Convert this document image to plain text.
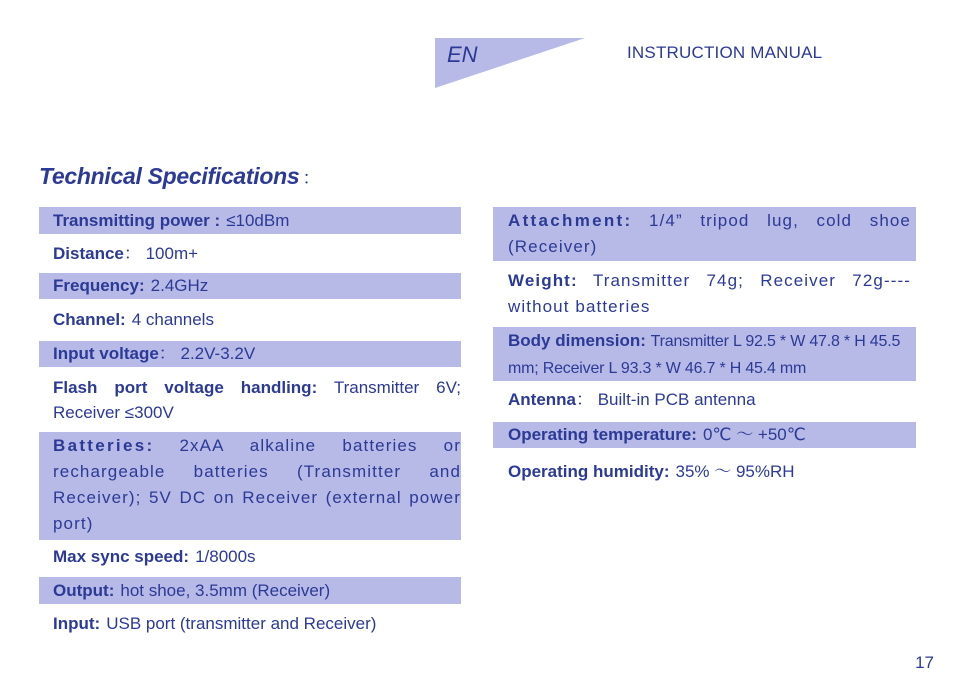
EN	INSTRUCTION MANUAL
Technical Specifications ：
Transmitting power : ≤10dBm
Distance： 100m+
Frequency: 2.4GHz
Channel: 4 channels
Input voltage： 2.2V-3.2V
Flash port voltage handling: Transmitter 6V; Receiver ≤300V
Batteries: 2xAA alkaline batteries or rechargeable batteries (Transmitter and Receiver); 5V DC on Receiver (external power port)
Max sync speed: 1/8000s
Output: hot shoe, 3.5mm (Receiver)
Input: USB port (transmitter and Receiver)
Attachment: 1/4” tripod lug, cold shoe (Receiver)
Weight: Transmitter 74g; Receiver 72g----without batteries
Body dimension: Transmitter L 92.5 * W 47.8 * H 45.5 mm; Receiver L 93.3 * W 46.7 * H 45.4 mm
Antenna： Built-in PCB antenna
Operating temperature: 0℃ ～ +50℃
Operating humidity: 35% ～ 95%RH
17
